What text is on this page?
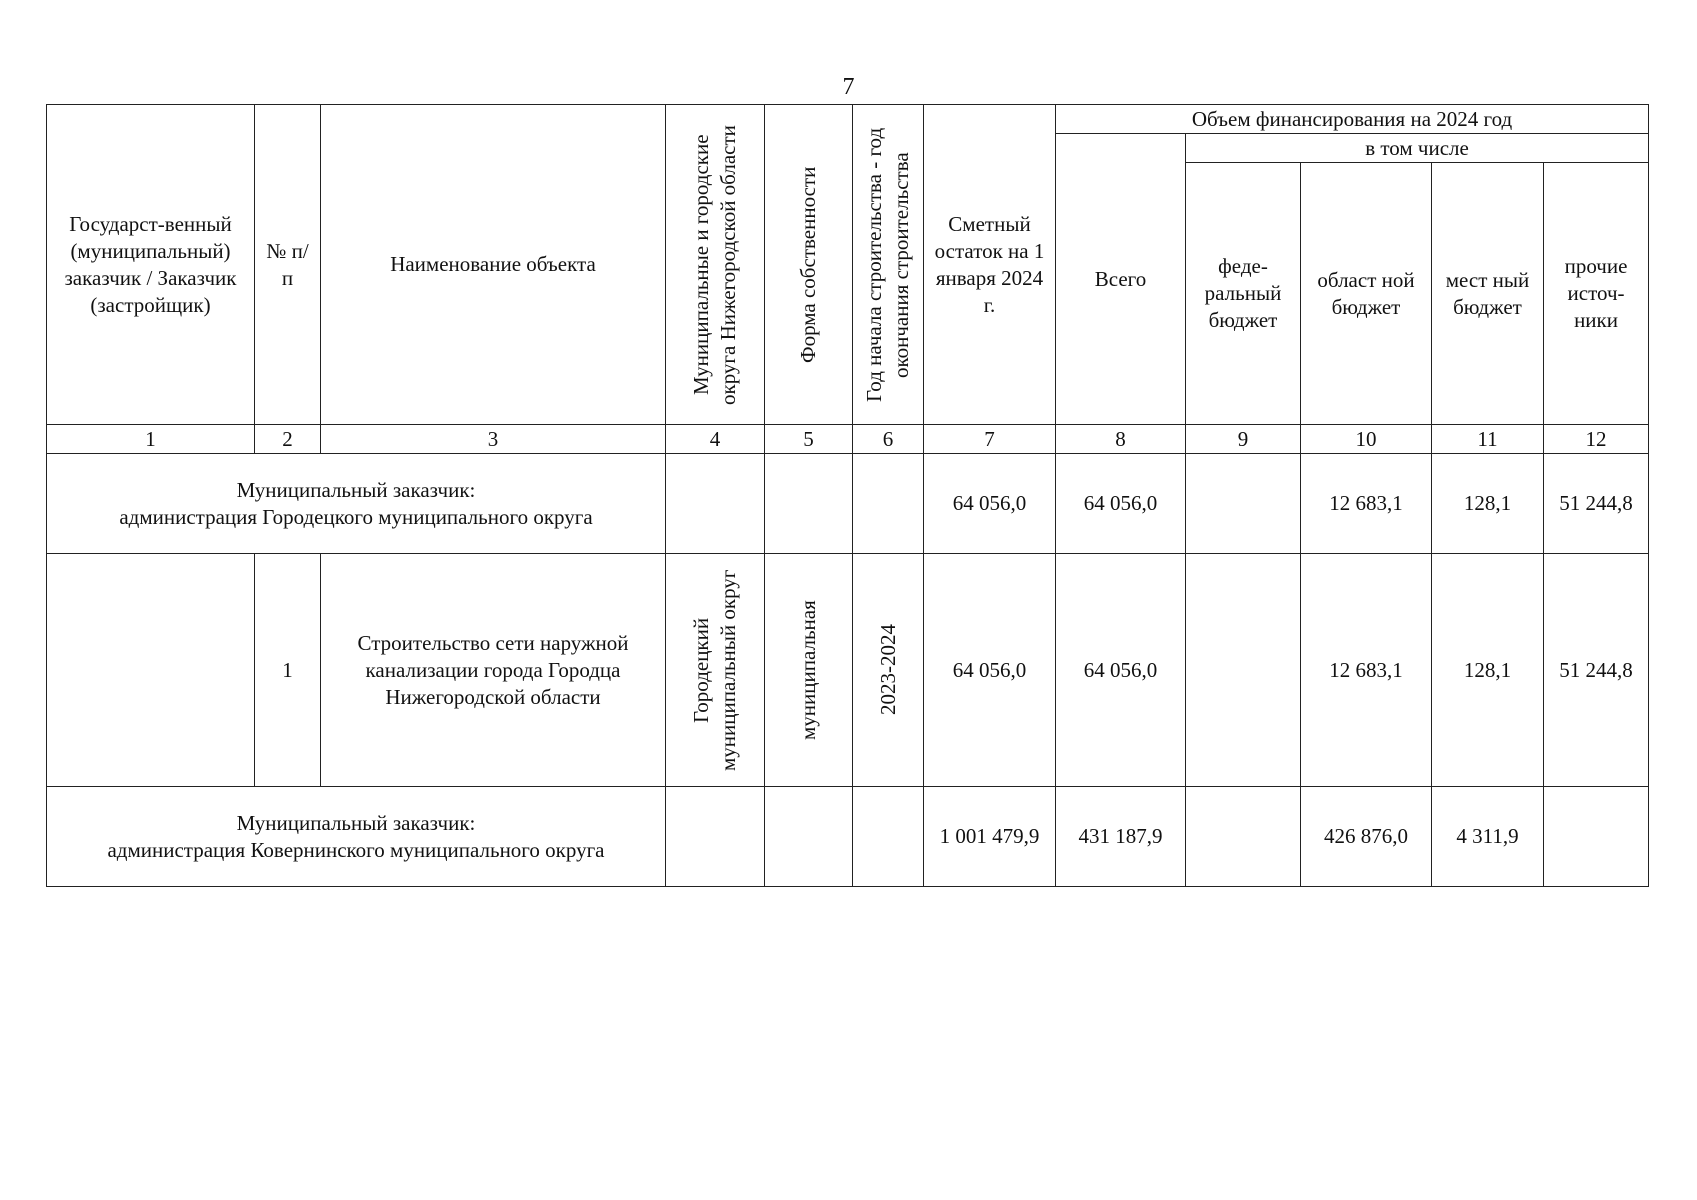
7
Государст-венный (муниципальный) заказчик / Заказчик (застройщик)	№ п/п	Наименование объекта	Муниципальные и городские округа Нижегородской области	Форма собственности	Год начала строительства - год окончания строительства	Сметный остаток на 1 января 2024 г.	Объем финансирования на 2024 год				
							Всего	в том числе			
								феде-ральный бюджет	област ной бюджет	мест ный бюджет	прочие источ-ники
1	2	3	4	5	6	7	8	9	10	11	12

Муниципальный заказчик:
администрация Городецкого муниципального округа						64 056,0	64 056,0		12 683,1	128,1	51 244,8
	1	Строительство сети наружной канализации города Городца Нижегородской области	Городецкий муниципальный округ	муниципальная	2023-2024	64 056,0	64 056,0		12 683,1	128,1	51 244,8

Муниципальный заказчик:
администрация Ковернинского муниципального округа						1 001 479,9	431 187,9		426 876,0	4 311,9	
